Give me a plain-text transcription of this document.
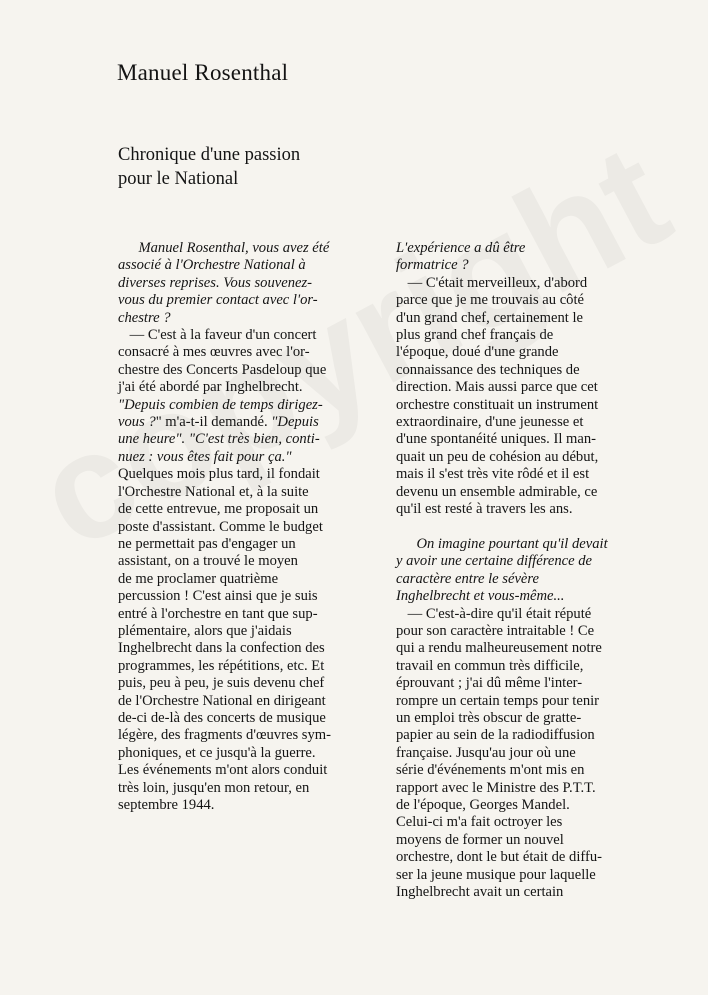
Manuel Rosenthal
Chronique d'une passion
pour le National
Manuel Rosenthal, vous avez été
associé à l'Orchestre National à
diverses reprises. Vous souvenez-
vous du premier contact avec l'or-
chestre ?
— C'est à la faveur d'un concert
consacré à mes œuvres avec l'or-
chestre des Concerts Pasdeloup que
j'ai été abordé par Inghelbrecht.
"Depuis combien de temps dirigez-
vous ?" m'a-t-il demandé. "Depuis
une heure". "C'est très bien, conti-
nuez : vous êtes fait pour ça."
Quelques mois plus tard, il fondait
l'Orchestre National et, à la suite
de cette entrevue, me proposait un
poste d'assistant. Comme le budget
ne permettait pas d'engager un
assistant, on a trouvé le moyen
de me proclamer quatrième
percussion ! C'est ainsi que je suis
entré à l'orchestre en tant que sup-
plémentaire, alors que j'aidais
Inghelbrecht dans la confection des
programmes, les répétitions, etc. Et
puis, peu à peu, je suis devenu chef
de l'Orchestre National en dirigeant
de-ci de-là des concerts de musique
légère, des fragments d'œuvres sym-
phoniques, et ce jusqu'à la guerre.
Les événements m'ont alors conduit
très loin, jusqu'en mon retour, en
septembre 1944.
L'expérience a dû être
formatrice ?
— C'était merveilleux, d'abord
parce que je me trouvais au côté
d'un grand chef, certainement le
plus grand chef français de
l'époque, doué d'une grande
connaissance des techniques de
direction. Mais aussi parce que cet
orchestre constituait un instrument
extraordinaire, d'une jeunesse et
d'une spontanéité uniques. Il man-
quait un peu de cohésion au début,
mais il s'est très vite rôdé et il est
devenu un ensemble admirable, ce
qu'il est resté à travers les ans.
On imagine pourtant qu'il devait
y avoir une certaine différence de
caractère entre le sévère
Inghelbrecht et vous-même...
— C'est-à-dire qu'il était réputé
pour son caractère intraitable ! Ce
qui a rendu malheureusement notre
travail en commun très difficile,
éprouvant ; j'ai dû même l'inter-
rompre un certain temps pour tenir
un emploi très obscur de gratte-
papier au sein de la radiodiffusion
française. Jusqu'au jour où une
série d'événements m'ont mis en
rapport avec le Ministre des P.T.T.
de l'époque, Georges Mandel.
Celui-ci m'a fait octroyer les
moyens de former un nouvel
orchestre, dont le but était de diffu-
ser la jeune musique pour laquelle
Inghelbrecht avait un certain
